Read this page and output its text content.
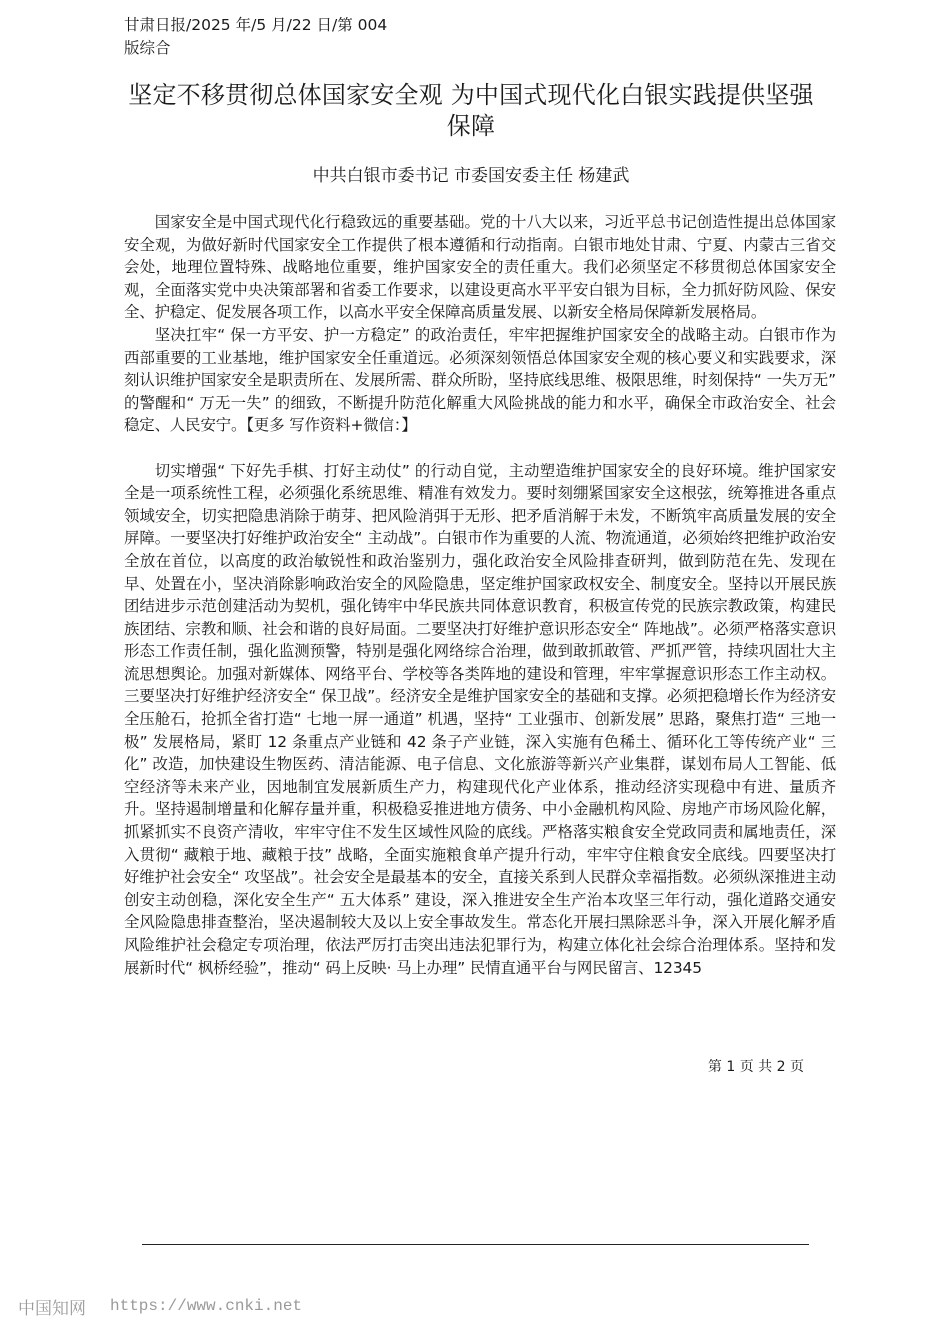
甘肃日报/2025 年/5 月/22 日/第 004 版综合
坚定不移贯彻总体国家安全观 为中国式现代化白银实践提供坚强保障
中共白银市委书记 市委国安委主任 杨建武

国家安全是中国式现代化行稳致远的重要基础。党的十八大以来，习近平总书记创造性提出总体国家安全观，为做好新时代国家安全工作提供了根本遵循和行动指南。白银市地处甘肃、宁夏、内蒙古三省交会处，地理位置特殊、战略地位重要，维护国家安全的责任重大。我们必须坚定不移贯彻总体国家安全观，全面落实党中央决策部署和省委工作要求，以建设更高水平平安白银为目标，全力抓好防风险、保安全、护稳定、促发展各项工作，以高水平安全保障高质量发展、以新安全格局保障新发展格局。

坚决扛牢“ 保一方平安、护一方稳定” 的政治责任，牢牢把握维护国家安全的战略主动。白银市作为西部重要的工业基地，维护国家安全任重道远。必须深刻领悟总体国家安全观的核心要义和实践要求，深刻认识维护国家安全是职责所在、发展所需、群众所盼，坚持底线思维、极限思维，时刻保持“ 一失万无” 的警醒和“ 万无一失” 的细致，不断提升防范化解重大风险挑战的能力和水平，确保全市政治安全、社会稳定、人民安宁。【更多 写作资料+微信：】

切实增强“ 下好先手棋、打好主动仗” 的行动自觉，主动塑造维护国家安全的良好环境。维护国家安全是一项系统性工程，必须强化系统思维、精准有效发力。要时刻绷紧国家安全这根弦，统筹推进各重点领域安全，切实把隐患消除于萌芽、把风险消弭于无形、把矛盾消解于未发，不断筑牢高质量发展的安全屏障。一要坚决打好维护政治安全“ 主动战”。白银市作为重要的人流、物流通道，必须始终把维护政治安全放在首位，以高度的政治敏锐性和政治鉴别力，强化政治安全风险排查研判，做到防范在先、发现在早、处置在小，坚决消除影响政治安全的风险隐患，坚定维护国家政权安全、制度安全。坚持以开展民族团结进步示范创建活动为契机，强化铸牢中华民族共同体意识教育，积极宣传党的民族宗教政策，构建民族团结、宗教和顺、社会和谐的良好局面。二要坚决打好维护意识形态安全“ 阵地战”。必须严格落实意识形态工作责任制，强化监测预警，特别是强化网络综合治理，做到敢抓敢管、严抓严管，持续巩固壮大主流思想舆论。加强对新媒体、网络平台、学校等各类阵地的建设和管理，牢牢掌握意识形态工作主动权。三要坚决打好维护经济安全“ 保卫战”。经济安全是维护国家安全的基础和支撑。必须把稳增长作为经济安全压舱石，抢抓全省打造“ 七地一屏一通道” 机遇，坚持“ 工业强市、创新发展” 思路，聚焦打造“ 三地一极” 发展格局，紧盯 12 条重点产业链和 42 条子产业链，深入实施有色稀土、循环化工等传统产业“ 三化” 改造，加快建设生物医药、清洁能源、电子信息、文化旅游等新兴产业集群，谋划布局人工智能、低空经济等未来产业，因地制宜发展新质生产力，构建现代化产业体系，推动经济实现稳中有进、量质齐升。坚持遏制增量和化解存量并重，积极稳妥推进地方债务、中小金融机构风险、房地产市场风险化解，抓紧抓实不良资产清收，牢牢守住不发生区域性风险的底线。严格落实粮食安全党政同责和属地责任，深入贯彻“ 藏粮于地、藏粮于技” 战略，全面实施粮食单产提升行动，牢牢守住粮食安全底线。四要坚决打好维护社会安全“ 攻坚战”。社会安全是最基本的安全，直接关系到人民群众幸福指数。必须纵深推进主动创安主动创稳，深化安全生产“ 五大体系” 建设，深入推进安全生产治本攻坚三年行动，强化道路交通安全风险隐患排查整治，坚决遏制较大及以上安全事故发生。常态化开展扫黑除恶斗争，深入开展化解矛盾风险维护社会稳定专项治理，依法严厉打击突出违法犯罪行为，构建立体化社会综合治理体系。坚持和发展新时代“ 枫桥经验”，推动“ 码上反映· 马上办理” 民情直通平台与网民留言、12345

第 1 页 共 2 页
中国知网 https://www.cnki.net
